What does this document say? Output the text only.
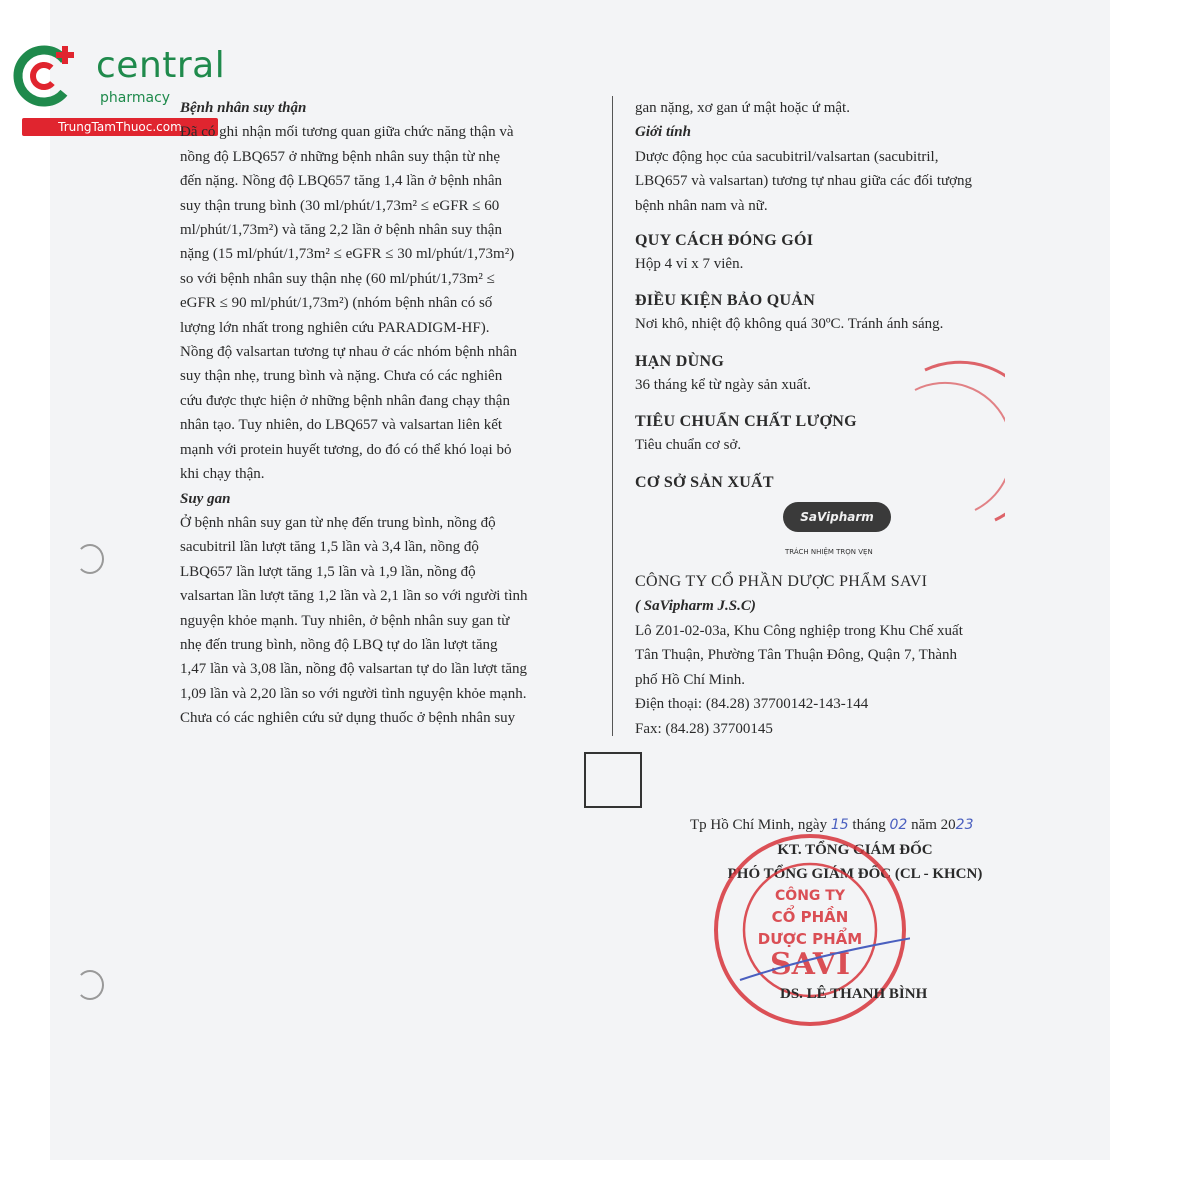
central
pharmacy
TrungTamThuoc.com

Bệnh nhân suy thận

Đã có ghi nhận mối tương quan giữa chức năng thận và

nồng độ LBQ657 ở những bệnh nhân suy thận từ nhẹ

đến nặng. Nồng độ LBQ657 tăng 1,4 lần ở bệnh nhân

suy thận trung bình (30 ml/phút/1,73m² ≤ eGFR ≤ 60

ml/phút/1,73m²) và tăng 2,2 lần ở bệnh nhân suy thận

nặng (15 ml/phút/1,73m² ≤ eGFR ≤ 30 ml/phút/1,73m²)

so với bệnh nhân suy thận nhẹ (60 ml/phút/1,73m² ≤

eGFR ≤ 90 ml/phút/1,73m²) (nhóm bệnh nhân có số

lượng lớn nhất trong nghiên cứu PARADIGM-HF).

Nồng độ valsartan tương tự nhau ở các nhóm bệnh nhân

suy thận nhẹ, trung bình và nặng. Chưa có các nghiên

cứu được thực hiện ở những bệnh nhân đang chạy thận

nhân tạo. Tuy nhiên, do LBQ657 và valsartan liên kết

mạnh với protein huyết tương, do đó có thể khó loại bỏ

khi chạy thận.

Suy gan

Ở bệnh nhân suy gan từ nhẹ đến trung bình, nồng độ

sacubitril lần lượt tăng 1,5 lần và 3,4 lần, nồng độ

LBQ657 lần lượt tăng 1,5 lần và 1,9 lần, nồng độ

valsartan lần lượt tăng 1,2 lần và 2,1 lần so với người tình

nguyện khỏe mạnh. Tuy nhiên, ở bệnh nhân suy gan từ

nhẹ đến trung bình, nồng độ LBQ tự do lần lượt tăng

1,47 lần và 3,08 lần, nồng độ valsartan tự do lần lượt tăng

1,09 lần và 2,20 lần so với người tình nguyện khỏe mạnh.

Chưa có các nghiên cứu sử dụng thuốc ở bệnh nhân suy

gan nặng, xơ gan ứ mật hoặc ứ mật.

Giới tính

Dược động học của sacubitril/valsartan (sacubitril,

LBQ657 và valsartan) tương tự nhau giữa các đối tượng

bệnh nhân nam và nữ.

QUY CÁCH ĐÓNG GÓI

Hộp 4 vỉ x 7 viên.

ĐIỀU KIỆN BẢO QUẢN

Nơi khô, nhiệt độ không quá 30ºC. Tránh ánh sáng.

HẠN DÙNG

36 tháng kể từ ngày sản xuất.

TIÊU CHUẨN CHẤT LƯỢNG

Tiêu chuẩn cơ sở.

CƠ SỞ SẢN XUẤT

SaVipharm
TRÁCH NHIỆM TRỌN VẸN

CÔNG TY CỔ PHẦN DƯỢC PHẨM SAVI

( SaVipharm J.S.C)

Lô Z01-02-03a, Khu Công nghiệp trong Khu Chế xuất

Tân Thuận, Phường Tân Thuận Đông, Quận 7, Thành

phố Hồ Chí Minh.

Điện thoại: (84.28) 37700142-143-144

Fax: (84.28) 37700145

Tp Hồ Chí Minh, ngày 15 tháng 02 năm 2023
KT. TỔNG GIÁM ĐỐC
PHÓ TỔNG GIÁM ĐỐC (CL - KHCN)
CÔNG TY
CỔ PHẦN
DƯỢC PHẨM
SAVI
DS. LÊ THANH BÌNH
